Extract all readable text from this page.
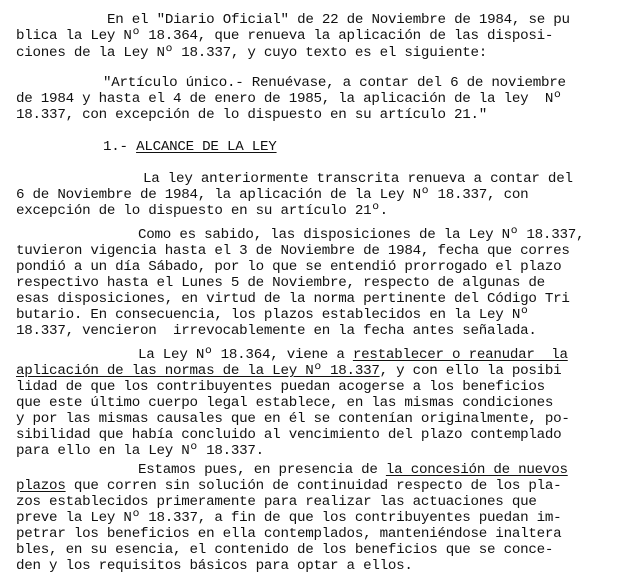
En el "Diario Oficial" de 22 de Noviembre de 1984, se pu
blica la Ley Nº 18.364, que renueva la aplicación de las disposi-
ciones de la Ley Nº 18.337, y cuyo texto es el siguiente:
"Artículo único.- Renuévase, a contar del 6 de noviembre
de 1984 y hasta el 4 de enero de 1985, la aplicación de la ley  Nº
18.337, con excepción de lo dispuesto en su artículo 21."
1.- ALCANCE DE LA LEY
La ley anteriormente transcrita renueva a contar del
6 de Noviembre de 1984, la aplicación de la Ley Nº 18.337, con
excepción de lo dispuesto en su artículo 21º.
Como es sabido, las disposiciones de la Ley Nº 18.337,
tuvieron vigencia hasta el 3 de Noviembre de 1984, fecha que corres
pondió a un día Sábado, por lo que se entendió prorrogado el plazo
respectivo hasta el Lunes 5 de Noviembre, respecto de algunas de
esas disposiciones, en virtud de la norma pertinente del Código Tri
butario. En consecuencia, los plazos establecidos en la Ley Nº
18.337, vencieron  irrevocablemente en la fecha antes señalada.
La Ley Nº 18.364, viene a restablecer o reanudar  la
aplicación de las normas de la Ley Nº 18.337, y con ello la posibi
lidad de que los contribuyentes puedan acogerse a los beneficios
que este último cuerpo legal establece, en las mismas condiciones
y por las mismas causales que en él se contenían originalmente, po-
sibilidad que había concluido al vencimiento del plazo contemplado
para ello en la Ley Nº 18.337.
Estamos pues, en presencia de la concesión de nuevos
plazos que corren sin solución de continuidad respecto de los pla-
zos establecidos primeramente para realizar las actuaciones que
preve la Ley Nº 18.337, a fin de que los contribuyentes puedan im-
petrar los beneficios en ella contemplados, manteniéndose inaltera
bles, en su esencia, el contenido de los beneficios que se conce-
den y los requisitos básicos para optar a ellos.
